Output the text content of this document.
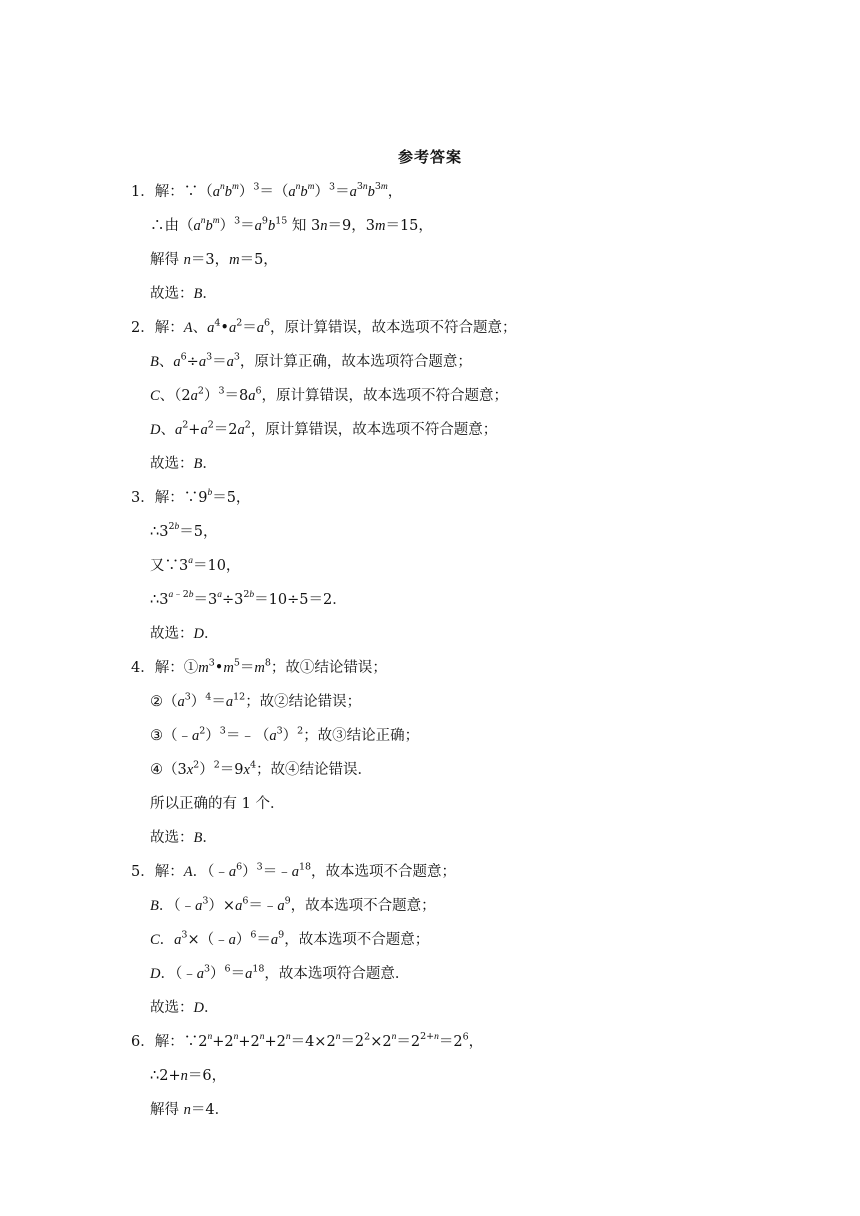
参考答案
1．解：$\because(a^nb^m)^3=(a^nb^m)^3=a^{3n}b^{3m}$，
∴由$(a^nb^m)^3=a^9b^{15}$ 知 3n＝9，3m＝15，
解得 n＝3，m＝5，
故选：B．
2．解：A、$a^4•a^2=a^6$，原计算错误，故本选项不符合题意；
B、$a^6\div a^3=a^3$，原计算正确，故本选项符合题意；
C、$(2a^2)^3=8a^6$，原计算错误，故本选项不符合题意；
D、$a^2+a^2=2a^2$，原计算错误，故本选项不符合题意；
故选：B．
3．解：$\because 9^b=5$，
$\therefore 3^{2b}=5$，
又$\because 3^a=10$，
$\therefore 3^{a﹣2b}=3^a\div 3^{2b}=10\div 5=2$．
故选：D．
4．解：$①m^3•m^5=m^8$；故①结论错误；
$②(a^3)^4=a^{12}$；故②结论错误；
$③(﹣a^2)^3=﹣(a^3)^2$；故③结论正确；
$④(3x^2)^2=9x^4$；故④结论错误．
所以正确的有 1 个．
故选：B．
5．解：A．$(﹣a^6)^3=﹣a^{18}$，故本选项不合题意；
B．$(﹣a^3)\times a^6=﹣a^9$，故本选项不合题意；
C．$a^3\times(﹣a)^6=a^9$，故本选项不合题意；
D．$(﹣a^3)^6=a^{18}$，故本选项符合题意．
故选：D．
6．解：$\because 2^n+2^n+2^n+2^n=4\times 2^n=2^2\times 2^n=2^{2+n}=2^6$，
∴2+n＝6，
解得 n＝4．
